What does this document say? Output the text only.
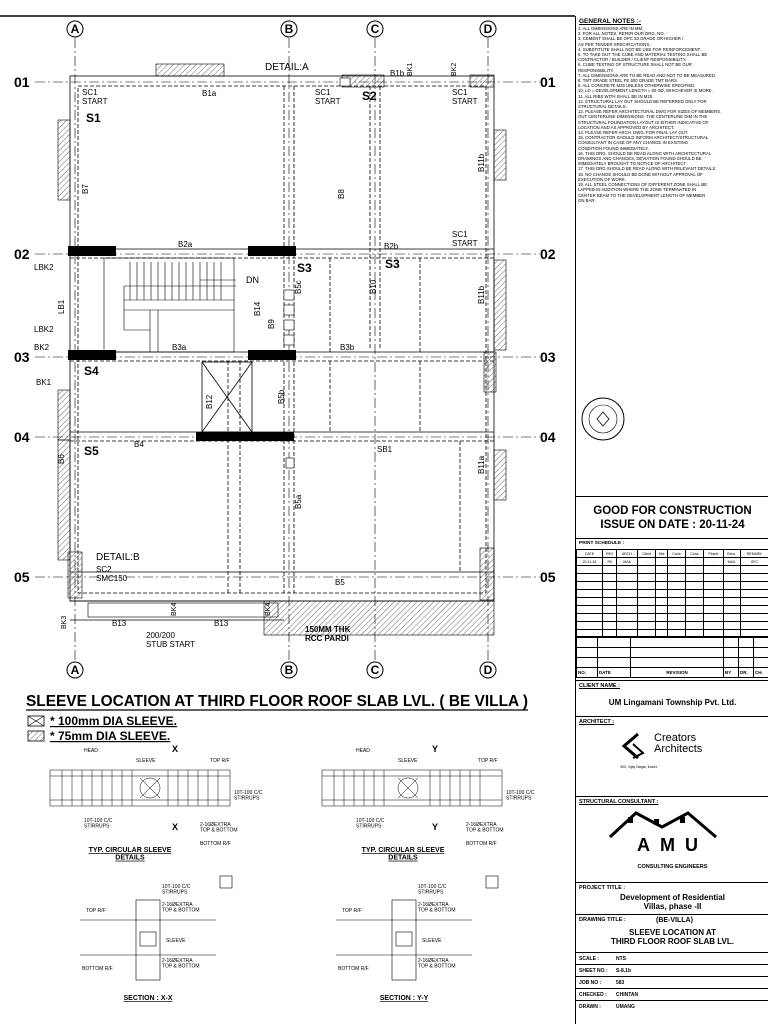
A	B	C	D
A	B	C	D
01
02
03
04
05
01
02
03
04
05
S1
S2
S3	S3
S4
S5
B1a
B1b
B2a	B2b
B3a	B3b
B4
B5
B6
B7
B8
B9
B10
B11a
B11b
B12
B13	B13
B14
B5a
B5b
B5c
SB1
B11b
DETAIL:A
DETAIL:B
DN
LBK2
LBK2
LB1
BK2
BK1
BK1	BK2
BK3
BK4	BK4
SC1 START
SC1 START
SC1 START
SC1 START
SC2 SMC150
200/200 STUB START
150MM THK RCC PARDI
SLEEVE LOCATION AT THIRD FLOOR ROOF SLAB LVL. ( BE VILLA )
* 100mm DIA SLEEVE.
* 75mm DIA SLEEVE.
HEAD
SLEEVE	TOP R/F
X
X
BOTTOM R/F
HEAD
SLEEVE	TOP R/F
Y
Y
BOTTOM R/F
10T-100 C/C STIRRUPS
10T-100 C/C STIRRUPS	2-16ØEXTRA TOP & BOTTOM
10T-100 C/C STIRRUPS
10T-100 C/C STIRRUPS	2-16ØEXTRA TOP & BOTTOM
TYP. CIRCULAR SLEEVE DETAILS
TYP. CIRCULAR SLEEVE DETAILS
TOP R/F
BOTTOM R/F
SLEEVE
TOP R/F
BOTTOM R/F
SLEEVE
10T-100 C/C STIRRUPS
2-16ØEXTRA TOP & BOTTOM
2-16ØEXTRA TOP & BOTTOM
10T-100 C/C STIRRUPS
2-16ØEXTRA TOP & BOTTOM
2-16ØEXTRA TOP & BOTTOM
SECTION : X-X	SECTION : Y-Y
GENERAL NOTES :-
1. ALL DIMENSIONS ARE IN MM.
2. FOR ALL NOTES, REFER OUR DRG. NO. -
3. CEMENT SHALL BE OPC 53 GRADE OR HIGHER /
AS PER TENDER SPECIFICATIONS.
4. SUBSTITUTE SHALL NOT BE USE FOR REINFORCEMENT.
5. TO TAKE OUT THE CUBE AND MATERIAL TESTING SHALL BE
CONTRACTOR / BUILDER / CLIENT RESPONSIBILITY.
6. CUBE TESTING OF STRUCTURE SHALL NOT BE OUR
RESPONSIBILITY.
7. ALL DIMENSIONS ARE TO BE READ AND NOT TO BE MEASURED.
8. TMT GRADE STEEL FE 500 GRADE TMT BARS.
9. ALL CONCRETE M25 UNLESS OTHERWISE SPECIFIED.
10. LD = DEVELOPMENT LENGTH = 50 XØ, WHICHEVER IS MORE.
11. ALL RIBS WITH SHALL BE IN M25.
12. STRUCTURAL LAY OUT SHOULD BE REFERRED ONLY FOR
STRUCTURAL DETAILS.
13. PLEASE REFER ARCHITECTURAL DWG FOR SIZES OF MEMBERS.
OUT CENTERLINE DIMENSIONS. THE CENTERLINE DIM IN THE
STRUCTURAL FOUNDATION LAYOUT IS EITHER INDICATIVE OF
LOCATION AND AS APPROVED BY ARCHITECT.
14. PLEASE REFER ARCH. DWG. FOR FINAL LAY OUT.
15. CONTRACTOR SHOULD INFORM ARCHITECT/STRUCTURAL
CONSULTANT IN CASE OF ANY CHANGE IN EXISTING
CONDITION FOUND IMMEDIATELY.
16. THIS DRG. SHOULD BE READ ALONG WITH ARCHITECTURAL
DRAWINGS AND CHANGES, DEVIATION FOUND SHOULD BE
IMMEDIATELY BROUGHT TO NOTICE OF ARCHITECT.
17. THIS DRG SHOULD BE READ ALONG WITH RELEVANT DETAILS.
18. NO CHANGE SHOULD BE DONE WITHOUT APPROVAL OF
EXECUTION OF WORK.
19. ALL STEEL CONNECTIONS OF DIFFERENT ZONE SHALL BE
LAPPED IN ADDITION WHERE THE ZONE TERMINATED IN
CENTER BEAM TO THE DEVELOPMENT LENGTH OF MEMBER
ON BAR.
GOOD FOR CONSTRUCTION
ISSUE ON DATE : 20-11-24
PRINT SCHEDULE :
DATE	REV	ARCH.	Client	Site	Contr.	Cons.	Plumb	Elect.	REMARK
20-11-24	R0	MAIL	-	-	-	-	-	MAIL	GFC

NO.	DATE	REVISION	BY	DR.	CH.
CLIENT NAME :
UM Lingamani Township Pvt. Ltd.
ARCHITECT :
Creators
Architects
303, Vijay Nagar, Indore
STRUCTURAL CONSULTANT :
AMU
CONSULTING ENGINEERS
PROJECT TITLE :
Development of Residential
Villas, phase -II
DRAWING TITLE :	(BE-VILLA)
SLEEVE LOCATION AT
THIRD FLOOR ROOF SLAB LVL.
SCALE :	NTS
SHEET NO : S-8.1b
JOB NO :	583
CHECKED : CHINTAN
DRAWN :	UMANG
